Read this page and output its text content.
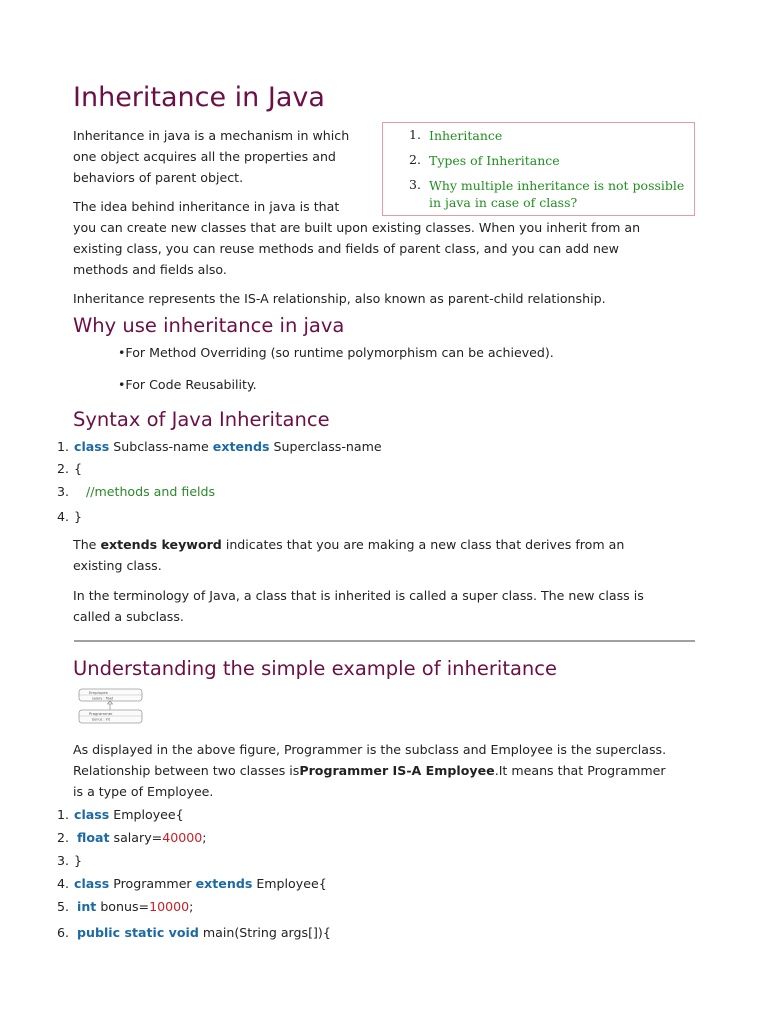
Inheritance in Java

Inheritance in java is a mechanism in which

one object acquires all the properties and

behaviors of parent object.

The idea behind inheritance in java is that

you can create new classes that are built upon existing classes. When you inherit from an

existing class, you can reuse methods and fields of parent class, and you can add new

methods and fields also.

Inheritance represents the IS-A relationship, also known as parent-child relationship.

1. Inheritance
2. Types of Inheritance
3. Why multiple inheritance is not possible in java in case of class?
Why use inheritance in java

•For Method Overriding (so runtime polymorphism can be achieved).

•For Code Reusability.

Syntax of Java Inheritance
1. class Subclass-name extends Superclass-name
2. {
3. //methods and fields
4. }

The extends keyword indicates that you are making a new class that derives from an

existing class.

In the terminology of Java, a class that is inherited is called a super class. The new class is

called a subclass.

Understanding the simple example of inheritance
Employee
salary : float
Programmer
bonus : int

As displayed in the above figure, Programmer is the subclass and Employee is the superclass.

Relationship between two classes isProgrammer IS-A Employee.It means that Programmer

is a type of Employee.

1. class Employee{
2. float salary=40000;
3. }
4. class Programmer extends Employee{
5. int bonus=10000;
6. public static void main(String args[]){
